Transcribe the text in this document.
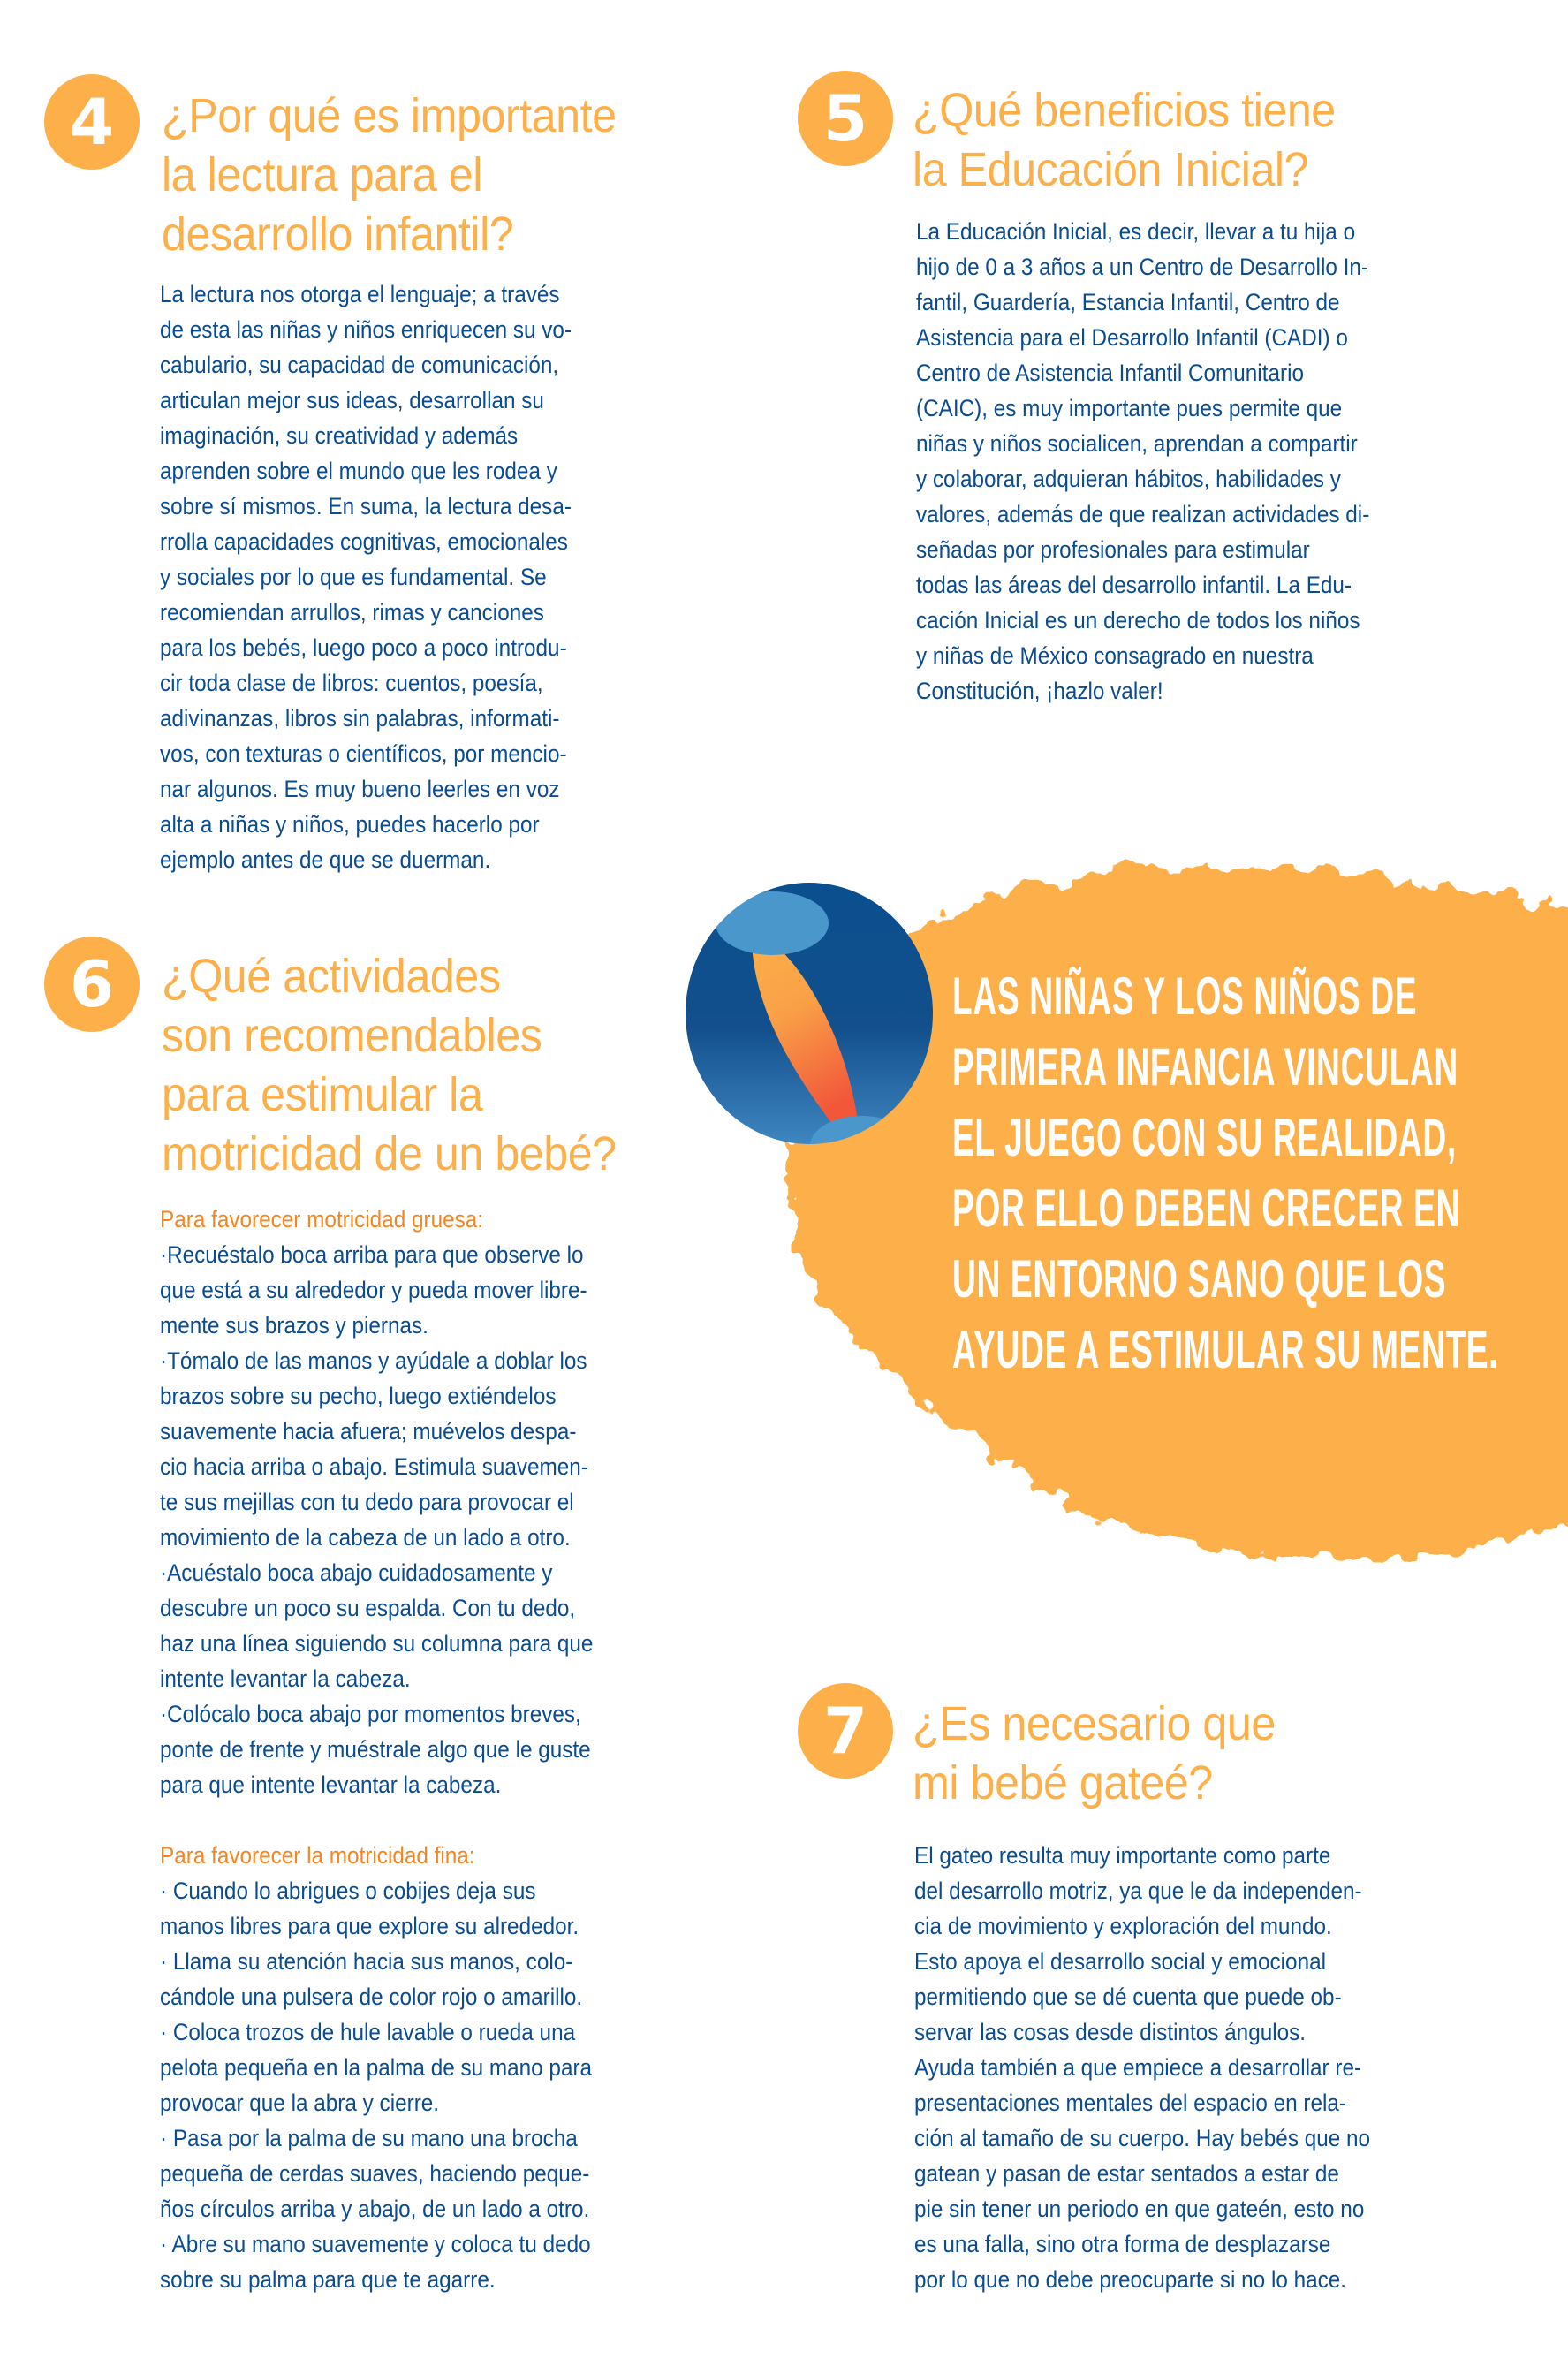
4 ¿Por qué es importante
la lectura para el
desarrollo infantil?
La lectura nos otorga el lenguaje; a través
de esta las niñas y niños enriquecen su vo-
cabulario, su capacidad de comunicación,
articulan mejor sus ideas, desarrollan su
imaginación, su creatividad y además
aprenden sobre el mundo que les rodea y
sobre sí mismos. En suma, la lectura desa-
rrolla capacidades cognitivas, emocionales
y sociales por lo que es fundamental. Se
recomiendan arrullos, rimas y canciones
para los bebés, luego poco a poco introdu-
cir toda clase de libros: cuentos, poesía,
adivinanzas, libros sin palabras, informati-
vos, con texturas o científicos, por mencio-
nar algunos. Es muy bueno leerles en voz
alta a niñas y niños, puedes hacerlo por
ejemplo antes de que se duerman.
5 ¿Qué beneficios tiene
la Educación Inicial?
La Educación Inicial, es decir, llevar a tu hija o
hijo de 0 a 3 años a un Centro de Desarrollo In-
fantil, Guardería, Estancia Infantil, Centro de
Asistencia para el Desarrollo Infantil (CADI) o
Centro de Asistencia Infantil Comunitario
(CAIC), es muy importante pues permite que
niñas y niños socialicen, aprendan a compartir
y colaborar, adquieran hábitos, habilidades y
valores, además de que realizan actividades di-
señadas por profesionales para estimular
todas las áreas del desarrollo infantil. La Edu-
cación Inicial es un derecho de todos los niños
y niñas de México consagrado en nuestra
Constitución, ¡hazlo valer!
LAS NIÑAS Y LOS NIÑOS DE
PRIMERA INFANCIA VINCULAN
EL JUEGO CON SU REALIDAD,
POR ELLO DEBEN CRECER EN
UN ENTORNO SANO QUE LOS
AYUDE A ESTIMULAR SU MENTE.
6 ¿Qué actividades
son recomendables
para estimular la
motricidad de un bebé?
Para favorecer motricidad gruesa:
·Recuéstalo boca arriba para que observe lo
que está a su alrededor y pueda mover libre-
mente sus brazos y piernas.
·Tómalo de las manos y ayúdale a doblar los
brazos sobre su pecho, luego extiéndelos
suavemente hacia afuera; muévelos despa-
cio hacia arriba o abajo. Estimula suavemen-
te sus mejillas con tu dedo para provocar el
movimiento de la cabeza de un lado a otro.
·Acuéstalo boca abajo cuidadosamente y
descubre un poco su espalda. Con tu dedo,
haz una línea siguiendo su columna para que
intente levantar la cabeza.
·Colócalo boca abajo por momentos breves,
ponte de frente y muéstrale algo que le guste
para que intente levantar la cabeza.
Para favorecer la motricidad fina:
· Cuando lo abrigues o cobijes deja sus
manos libres para que explore su alrededor.
· Llama su atención hacia sus manos, colo-
cándole una pulsera de color rojo o amarillo.
· Coloca trozos de hule lavable o rueda una
pelota pequeña en la palma de su mano para
provocar que la abra y cierre.
· Pasa por la palma de su mano una brocha
pequeña de cerdas suaves, haciendo peque-
ños círculos arriba y abajo, de un lado a otro.
· Abre su mano suavemente y coloca tu dedo
sobre su palma para que te agarre.
7 ¿Es necesario que
mi bebé gateé?
El gateo resulta muy importante como parte
del desarrollo motriz, ya que le da independen-
cia de movimiento y exploración del mundo.
Esto apoya el desarrollo social y emocional
permitiendo que se dé cuenta que puede ob-
servar las cosas desde distintos ángulos.
Ayuda también a que empiece a desarrollar re-
presentaciones mentales del espacio en rela-
ción al tamaño de su cuerpo. Hay bebés que no
gatean y pasan de estar sentados a estar de
pie sin tener un periodo en que gateén, esto no
es una falla, sino otra forma de desplazarse
por lo que no debe preocuparte si no lo hace.
